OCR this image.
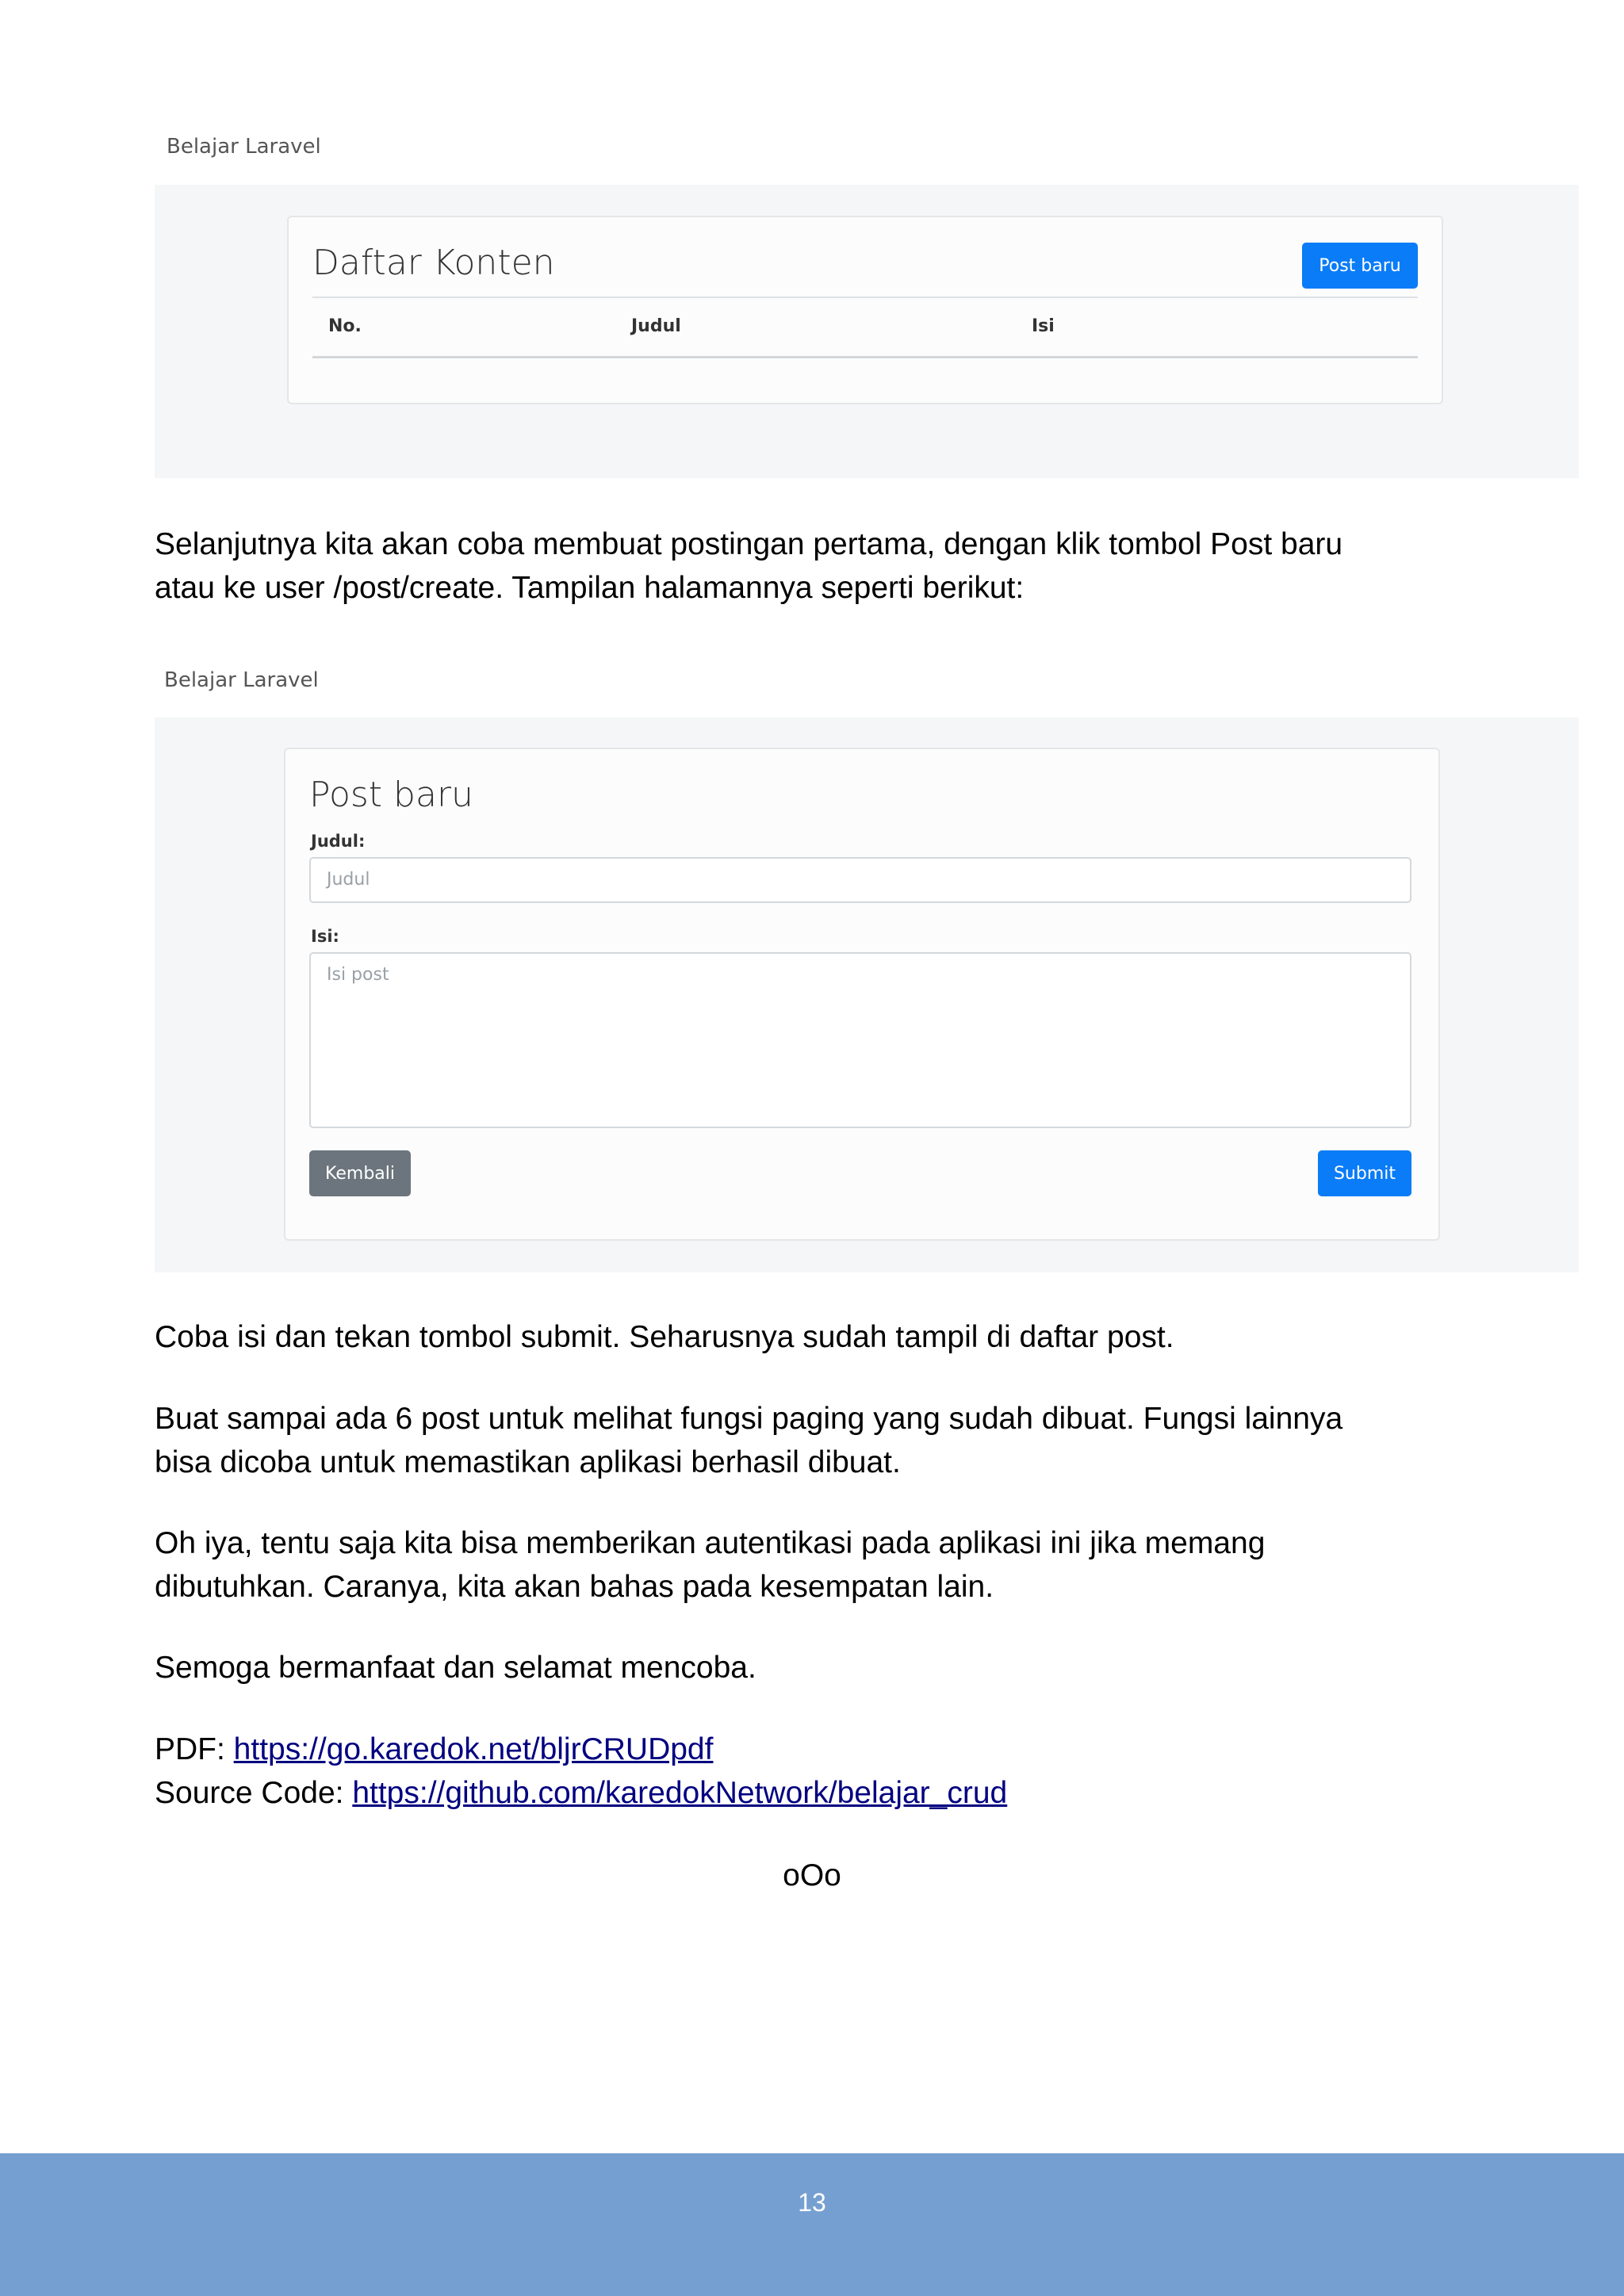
Belajar Laravel
Daftar Konten	Post baru
No.	Judul	Isi

Selanjutnya kita akan coba membuat postingan pertama, dengan klik tombol Post baru

atau ke user /post/create. Tampilan halamannya seperti berikut:

Belajar Laravel
Post baru
Judul:
Judul
Isi:
Isi post
Kembali	Submit

Coba isi dan tekan tombol submit. Seharusnya sudah tampil di daftar post.

Buat sampai ada 6 post untuk melihat fungsi paging yang sudah dibuat. Fungsi lainnya

bisa dicoba untuk memastikan aplikasi berhasil dibuat.

Oh iya, tentu saja kita bisa memberikan autentikasi pada aplikasi ini jika memang

dibutuhkan. Caranya, kita akan bahas pada kesempatan lain.

Semoga bermanfaat dan selamat mencoba.

PDF: https://go.karedok.net/bljrCRUDpdf

Source Code: https://github.com/karedokNetwork/belajar_crud

oOo
13
